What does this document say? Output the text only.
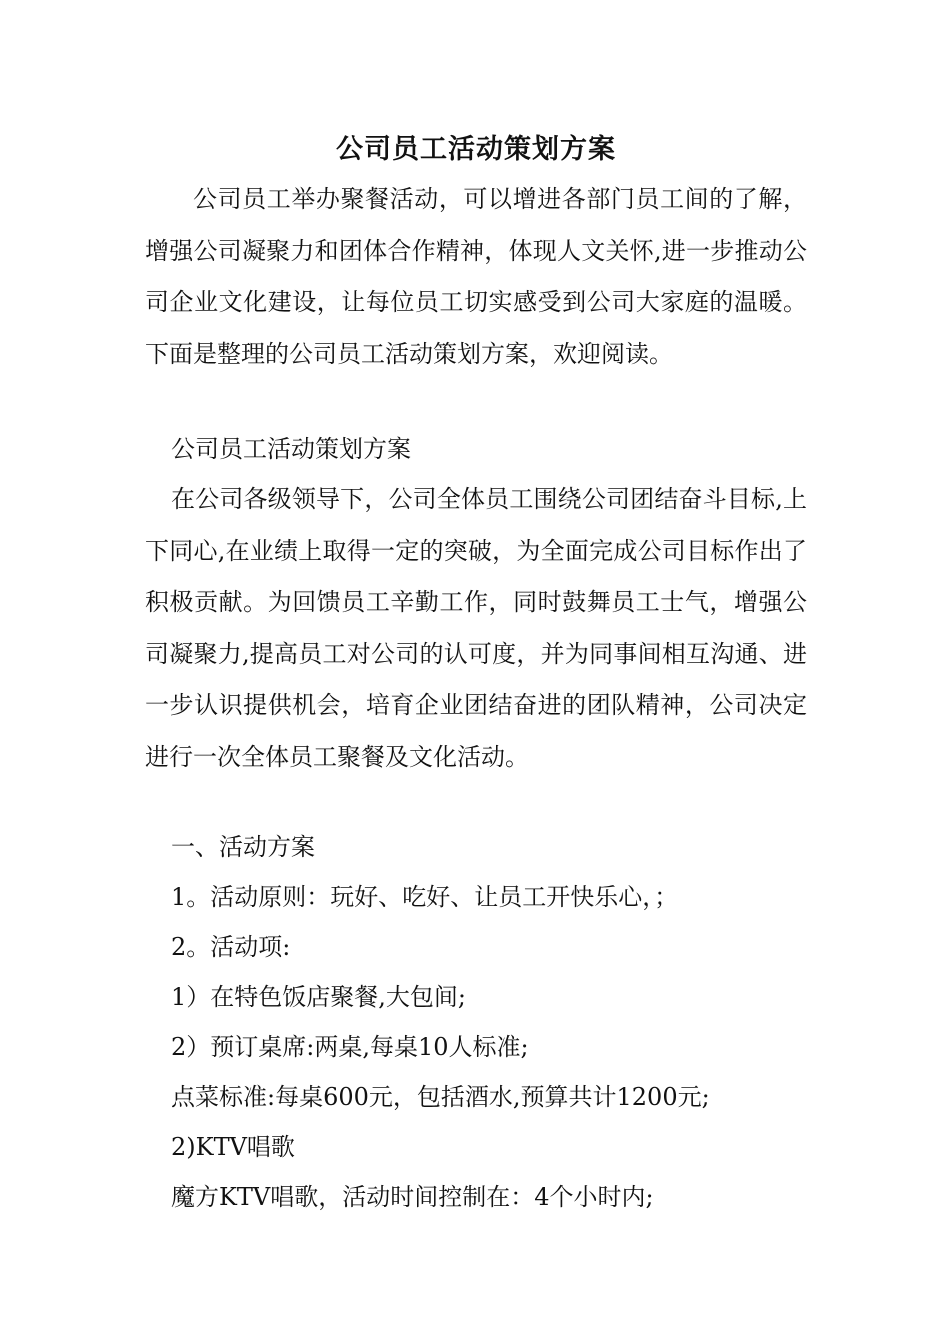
公司员工活动策划方案
公司员工举办聚餐活动，可以增进各部门员工间的了解，增强公司凝聚力和团体合作精神，体现人文关怀,进一步推动公司企业文化建设，让每位员工切实感受到公司大家庭的温暖。下面是整理的公司员工活动策划方案，欢迎阅读。
公司员工活动策划方案
在公司各级领导下，公司全体员工围绕公司团结奋斗目标,上下同心,在业绩上取得一定的突破，为全面完成公司目标作出了积极贡献。为回馈员工辛勤工作，同时鼓舞员工士气，增强公司凝聚力,提高员工对公司的认可度，并为同事间相互沟通、进一步认识提供机会，培育企业团结奋进的团队精神，公司决定进行一次全体员工聚餐及文化活动。
一、活动方案
1。活动原则：玩好、吃好、让员工开快乐心，；
2。活动项:
1）在特色饭店聚餐,大包间;
2）预订桌席:两桌,每桌10人标准;
点菜标准:每桌600元，包括酒水,预算共计1200元;
2)KTV唱歌
魔方KTV唱歌，活动时间控制在：4个小时内;
